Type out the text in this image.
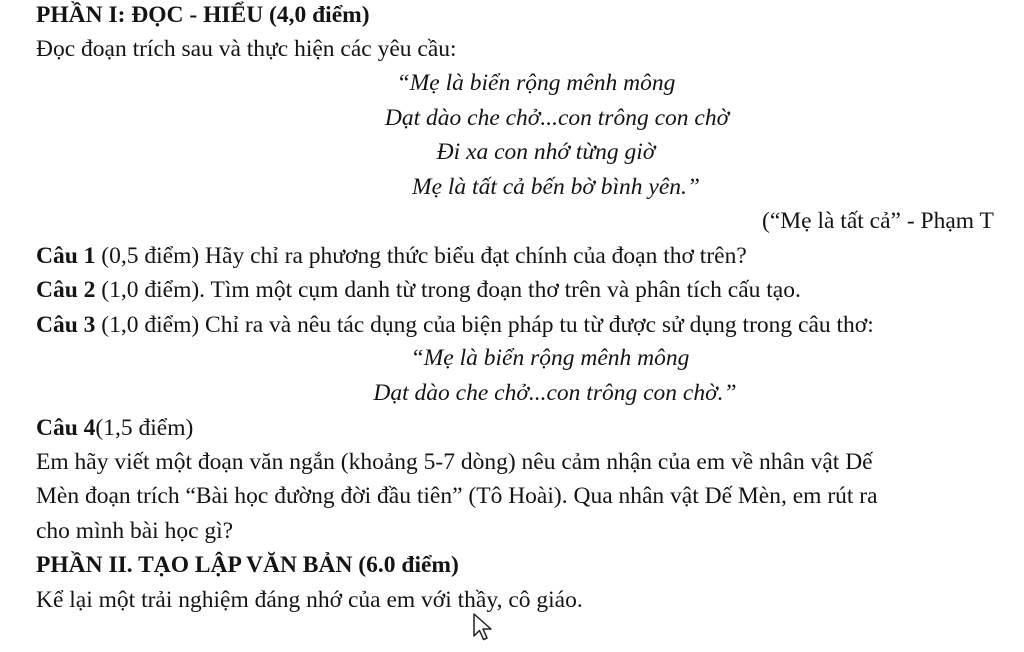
PHẦN I: ĐỌC - HIỂU (4,0 điểm)
Đọc đoạn trích sau và thực hiện các yêu cầu:
“Mẹ là biển rộng mênh mông
Dạt dào che chở...con trông con chờ
Đi xa con nhớ từng giờ
Mẹ là tất cả bến bờ bình yên.”
(“Mẹ là tất cả” - Phạm T
Câu 1 (0,5 điểm) Hãy chỉ ra phương thức biểu đạt chính của đoạn thơ trên?
Câu 2 (1,0 điểm). Tìm một cụm danh từ trong đoạn thơ trên và phân tích cấu tạo.
Câu 3 (1,0 điểm) Chỉ ra và nêu tác dụng của biện pháp tu từ được sử dụng trong câu thơ:
“Mẹ là biển rộng mênh mông
Dạt dào che chở...con trông con chờ.”
Câu 4(1,5 điểm)
Em hãy viết một đoạn văn ngắn (khoảng 5-7 dòng) nêu cảm nhận của em về nhân vật Dế
Mèn đoạn trích “Bài học đường đời đầu tiên” (Tô Hoài). Qua nhân vật Dế Mèn, em rút ra
cho mình bài học gì?
PHẦN II. TẠO LẬP VĂN BẢN (6.0 điểm)
Kể lại một trải nghiệm đáng nhớ của em với thầy, cô giáo.
